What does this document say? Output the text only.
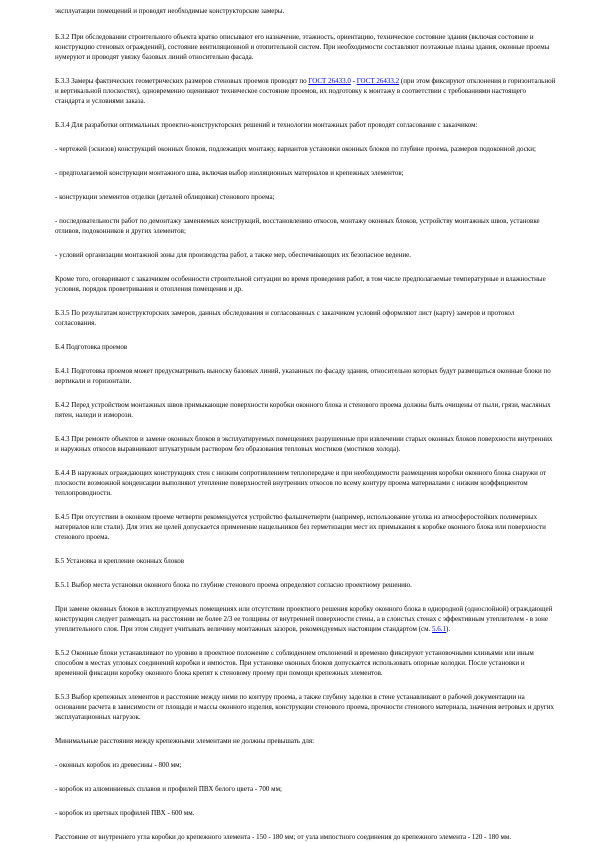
эксплуатации помещений и проводят необходимые конструкторские замеры.

Б.3.2 При обследовании строительного объекта кратко описывают его назначение, этажность, ориентацию, техническое состояние здания (включая состояние и конструкцию стеновых ограждений), состояние вентиляционной и отопительной систем. При необходимости составляют поэтажные планы здания, оконные проемы нумеруют и проводят увязку базовых линий относительно фасада.

Б.3.3 Замеры фактических геометрических размеров стеновых проемов проводят по ГОСТ 26433.0 - ГОСТ 26433.2 (при этом фиксируют отклонения в горизонтальной и вертикальной плоскостях), одновременно оценивают техническое состояние проемов, их подготовку к монтажу в соответствии с требованиями настоящего стандарта и условиями заказа.

Б.3.4 Для разработки оптимальных проектно-конструкторских решений и технологии монтажных работ проводят согласование с заказчиком:

- чертежей (эскизов) конструкций оконных блоков, подлежащих монтажу, вариантов установки оконных блоков по глубине проема, размеров подоконной доски;

- предполагаемой конструкции монтажного шва, включая выбор изоляционных материалов и крепежных элементов;

- конструкции элементов отделки (деталей облицовки) стенового проема;

- последовательности работ по демонтажу заменяемых конструкций, восстановлению откосов, монтажу оконных блоков, устройству монтажных швов, установке отливов, подоконников и других элементов;

- условий организации монтажной зоны для производства работ, а также мер, обеспечивающих их безопасное ведение.

Кроме того, оговаривают с заказчиком особенности строительной ситуации во время проведения работ, в том числе предполагаемые температурные и влажностные условия, порядок проветривания и отопления помещения и др.

Б.3.5 По результатам конструкторских замеров, данных обследования и согласованных с заказчиком условий оформляют лист (карту) замеров и протокол согласования.

Б.4 Подготовка проемов

Б.4.1 Подготовка проемов может предусматривать выноску базовых линий, указанных по фасаду здания, относительно которых будут размещаться оконные блоки по вертикали и горизонтали.

Б.4.2 Перед устройством монтажных швов примыкающие поверхности коробки оконного блока и стенового проема должны быть очищены от пыли, грязи, масляных пятен, наледи и изморози.

Б.4.3 При ремонте объектов и замене оконных блоков в эксплуатируемых помещениях разрушенные при извлечении старых оконных блоков поверхности внутренних и наружных откосов выравнивают штукатурным раствором без образования тепловых мостиков (мостиков холода).

Б.4.4 В наружных ограждающих конструкциях стен с низким сопротивлением теплопередаче и при необходимости размещения коробки оконного блока снаружи от плоскости возможной конденсации выполняют утепление поверхностей внутренних откосов по всему контуру проема материалами с низким коэффициентом теплопроводности.

Б.4.5 При отсутствии в оконном проеме четверти рекомендуется устройство фальшчетверти (например, использование уголка из атмосферостойких полимерных материалов или стали). Для этих же целей допускается применение нащельников без герметизации мест их примыкания к коробке оконного блока или поверхности стенового проема.

Б.5 Установка и крепление оконных блоков

Б.5.1 Выбор места установки оконного блока по глубине стенового проема определяют согласно проектному решению.

При замене оконных блоков в эксплуатируемых помещениях или отсутствии проектного решения коробку оконного блока в однородной (однослойной) ограждающей конструкции следует размещать на расстоянии не более 2/3 ее толщины от внутренней поверхности стены, а в слоистых стенах с эффективным утеплителем - в зоне утеплительного слоя. При этом следует учитывать величину монтажных зазоров, рекомендуемых настоящим стандартом (см. 5.6.1).

Б.5.2 Оконные блоки устанавливают по уровню в проектное положение с соблюдением отклонений и временно фиксируют установочными клиньями или иным способом в местах угловых соединений коробки и импостов. При установке оконных блоков допускается использовать опорные колодки. После установки и временной фиксации коробку оконного блока крепят к стеновому проему при помощи крепежных элементов.

Б.5.3 Выбор крепежных элементов и расстояние между ними по контуру проема, а также глубину заделки в стене устанавливают в рабочей документации на основании расчета в зависимости от площади и массы оконного изделия, конструкции стенового проема, прочности стенового материала, значения ветровых и других эксплуатационных нагрузок.

Минимальные расстояния между крепежными элементами не должны превышать для:

- оконных коробок из древесины - 800 мм;

- коробок из алюминиевых сплавов и профилей ПВХ белого цвета - 700 мм;

- коробок из цветных профилей ПВХ - 600 мм.

Расстояние от внутреннего угла коробки до крепежного элемента - 150 - 180 мм; от узла импостного соединения до крепежного элемента - 120 - 180 мм.
